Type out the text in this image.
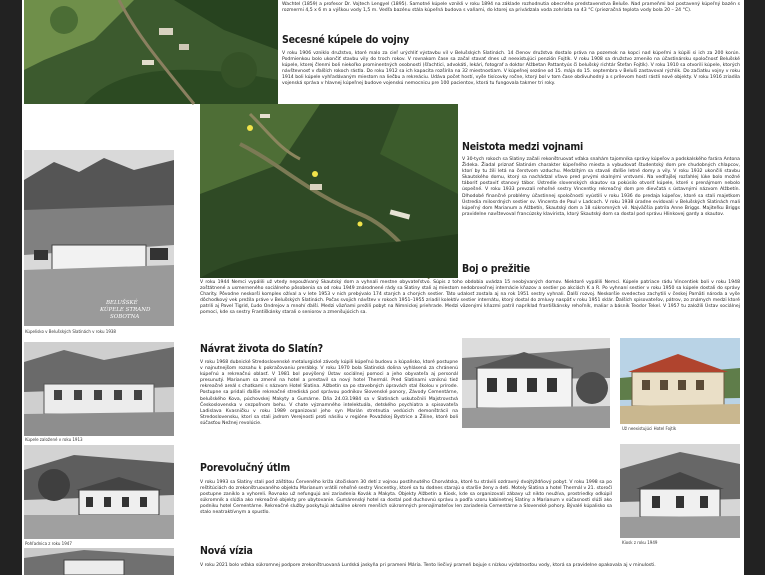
Wachtel (1859) a profesor Dr. Vojtech Lengyel (1895). Samotné kúpele vznikli v roku 1894 na základe rozhodnutia obecného predstavenstva Beluše. Nad prameňmi bol postavený kúpeľný bazén s rozmermi 4,5 x 6 m a výškou vody 1,5 m. Vedľa bazénu stála kúpeľná budova s vaňami, do ktorej sa privádzala voda zohriata na 43 °C (priezračná teplota vody bola 20 – 24 °C).
Secesné kúpele do vojny
V roku 1906 vzniklo družstvo, ktoré malo za cieľ urýchliť výstavbu vil v Belušských Slatinách. 14 členov družstva dostalo práva na pozemok na kopci nad kúpeľmi a kúpili si ich za 200 korún. Podmienkou bolo ukončiť stavbu vily do troch rokov. V rovnakom čase sa začal stavať dnes už neexistujúci penzión Fojtík. V roku 1908 sa družstvo zmenilo na účastinársku spoločnosť Belušské kúpele, ktorej členmi boli niekoľko prominentných osobností (šľachtici, advokáti, lekári, fotograf a doktor Alžbetan Pattantyús či belušský richtár Štefan Fojtík). V roku 1910 sa otvorili kúpele, ktorých návštevnosť v ďalších rokoch rástla. Do roku 1912 sa ich kapacita rozšírila na 32 miestnostiam. V kúpeľnej sezóne od 15. mája do 15. septembra v Beluši zastavoval rýchlik. Do začiatku vojny v roku 1914 boli kúpele vyhľadávaným miestom na liečbu a rekreáciu. Udáva počet hostí, vyše tisícovky ročne, ktorý bol v tom čase obdivuhodný a s prílevom hostí rástli nové objekty. V roku 1916 zriadila vojenská správa v hlavnej kúpeľnej budove vojenskú nemocnicu pre 100 pacientov, ktorá tu fungovala takmer tri roky.
Neistota medzi vojnami
V 30-tych rokoch sa Slatiny začali rekonštruovať vďaka snahám tajomníka správy kúpeľov a podskalského farára Antona Žideka. Žiadal priznať Slatinám charakter kúpeľného miesta a vybudovať študentský dom pre chudobných chlapcov, ktorí by tu žili letá na čerstvom vzduchu. Medzitým sa stavali ďalšie letné domy a vily. V roku 1932 ukončili stavbu Skautského domu, ktorý sa nachádzal vľavo pred prvými skalnými vrstvami. Na vedľajšej rozľahlej lúke bolo možné táboriť postaviť stanový tábor. Ústredie slovenských skautov sa pokúsilo otvoriť kúpele, ktoré s prenájmom nebolo úspešné. V roku 1933 prevzali rehoľné sestry Vincentky rekreačný dom pre dievčatá s ústavnými názvom Alžbetín. Dlhodobé finančné problémy účastinnej spoločnosti vyústili v roku 1936 do predaja kúpeľov, ktoré sa stali majetkom Ústredia milosrdných sestier sv. Vincenta de Paul v Ladcoch. V roku 1938 úradne evidovali v Belušských Slatinách mali kúpeľný dom Marianum a Alžbetín, Skautský dom a 18 súkromných vil. Najväčšia patrila Anne Briggs. Majiteľku Briggs pravidelne navštevoval francúzsky klavirista, ktorý Skautský dom sa dostal pod správu Hlinkovej gardy a skautov.
BELUŠSKÉ
KÚPELE STRAND
SOBOTNA
Kúpelisko v Belušských Slatinách v roku 1938
Boj o prežitie
V roku 1944 Nemci vypálili už vtedy nepoužívaný Skautský dom a vyhnali mestne obyvateľstvo. Súpis z toho obdobia uvádza 15 neobývaných domov. Niektoré vypálili Nemci. Kúpele patriace rádu Vincentiek boli v roku 1948 zoštátnené a usmerneného sociálneho pôsobenia sa od roku 1949 znárodnené rády sa Slatiny stali aj miestom nedobrovoľnej internácie kňazov a sestier po akciách K a R. Po vyhnaní sestier v roku 1950 sa kúpele dostali do správy Charity. Pôvodne neskorší komplex ožíval a v lete 1953 v nich prebývalo 174 starých a chorých sestier. Táto udalosť zostala aj na rok 1951 sestry vyhnali. Ďalší rozvoj. Neskoršie svedectvo zachytili v českej Pamäti národa a vyše dôchodkový vek prežila práve v Belušských Slatinách. Počas svojich návštev v rokoch 1951–1955 zriadil kolektív sestier internátu, ktorý dostal do zmluvy naspäť v roku 1951 sklár. Ďalších spisovateľov, pátrov, zo známych medzi ktoré patrili aj Pavel Tigrid, Ľudo Ondrejov a mnohí ďalší. Medzi väzňami prežili pobyt na Nimnickej priehrade. Medzi väzenými kňazmi patril napríklad františkánsky rehoľník, maliar a básnik Teodor Tekel. V 1957 tu založili Ústav sociálnej pomoci, kde sa sestry Františkánky starali o seniorov a zmenšujúcich sa.
Kúpele založené v roku 1913
Návrat života do Slatín?
V roku 1968 dubnické Stredoslovenské metalurgické závody kúpili kúpeľnú budovu a kúpalisko, ktoré postupne v najnutnejšom rozsahu k pokračovaniu prerábky. V roku 1970 bola Slatinská dolina vyhlásená za chránenú kúpeľnú a rekreačnú oblasť. V 1981 bol povýšený Ústav sociálnej pomoci a jeho obyvateľa aj personál presunutý. Marianum sa zmenil na hotel a prestavil sa nový hotel Thermál. Pred Slatinami vzniknú tiež rekreačné areál s chatkami s názvom Hotel Slatina. Alžbetín sa po stavebných úpravách stal školou v prírode. Postupne sa pridali ďalšie rekreačné strediská pod správou podnikov Slovenské ponory, Závody Cementárne, belušského Kova, púchovskej Makyty a Gumárne. Dňa 24.03.1984 sa v Slatinách uskutočnili Majstrovstvá Československa v cezpoľnom behu. V chate významného intelektuála, detského psychiatra a spisovateľa Ladislava Kvasničku v roku 1989 organizoval jeho syn Marián stretnutia vedúcich demonštrácií na Stredoslovensku, ktorí sa stali jadrom Verejnosti proti násiliu v regióne Považskej Bystrice a Žiline, ktoré boli súčasťou Nežnej revolúcie.
Už neexistujúci Hotel Fojtík
Porevolučný útlm
V roku 1993 sa Slatiny stali pod záštitou Červeného kríža útočiskom 30 detí z vojnou postihnutého Chorvátska, ktoré tu strávili ozdravný dvojtýždňový pobyt. V roku 1998 sa po reštitúciách do zrekonštruovaného objektu Marianum vrátili rehoľné sestry Vincentky, ktoré sa tu dodnes starajú o staršie ženy a deti. Motely Slatina a hotel Thermál v 21. storočí postupne zaniklo a vyhoreli. Rovnako už nefungujú ani zariadenia Kovák a Makyta. Objekty Alžbetín a Kiosk, kde sa organizovali zábavy už nikto neužíva, prostriedky odkúpil súkromník a slúžia ako rekreačné objekty pre ubytovanie. Gumárenský hotel sa dostal pod duchovnú správu a podľa vzoru kabinetnej Slatiny a Marianum v súčasnosti slúži ako podniku hotel Cementárne. Rekreačné služby poskytujú aktuálne okrem menších súkromných prenajímateľov len zariadenia Cementárne a Slovenské pohory. Bývalé kúpalisko sa stalo neatraktívnym a spustlo.
Pohľadnica z roku 1947	Kiosk z roku 1949
Nová vízia
V roku 2021 bolo vďaka súkromnej podpore zrekonštruovaná Lurdská jaskyňa pri prameni Mária. Tento liečivý prameň bojuje s nízkou výdatnosťou vody, ktorá sa pravidelne opakovala aj v minulosti.
